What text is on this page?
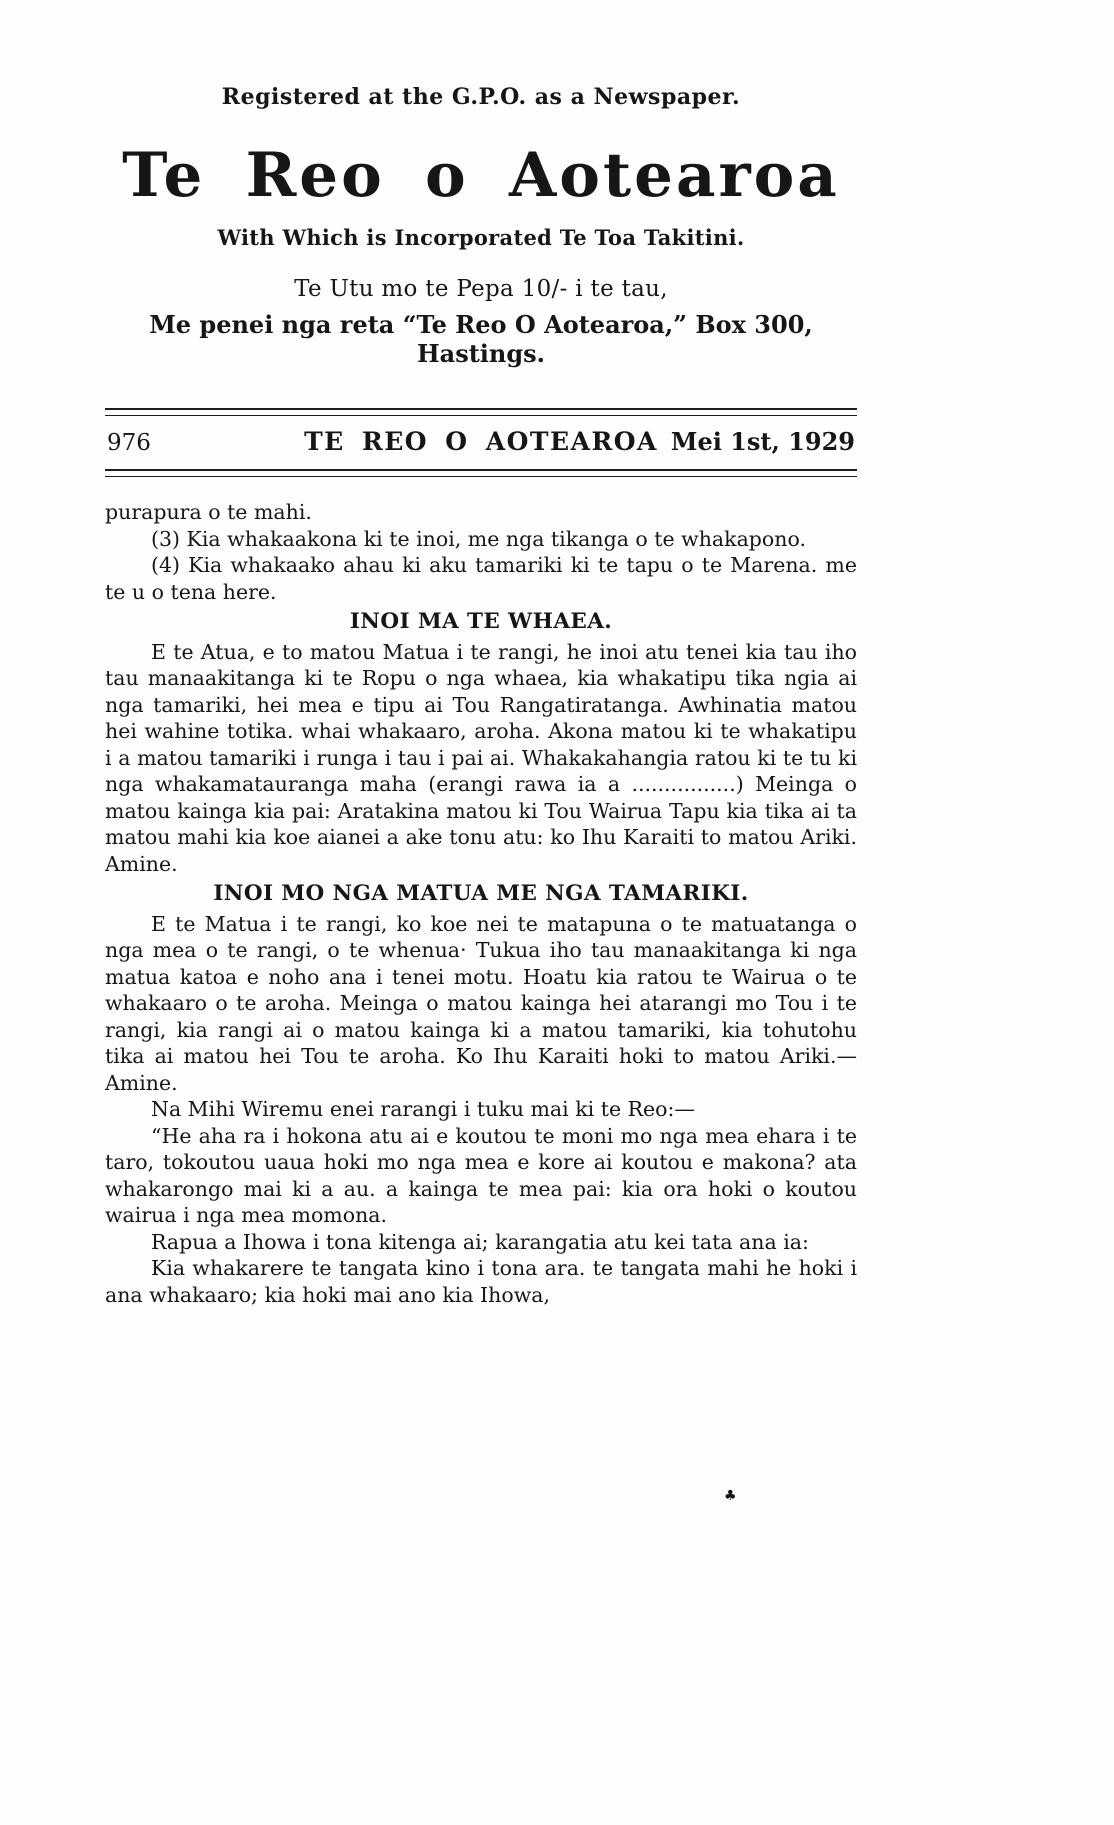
Registered at the G.P.O. as a Newspaper.
Te Reo o Aotearoa
With Which is Incorporated Te Toa Takitini.
Te Utu mo te Pepa 10/- i te tau,
Me penei nga reta “Te Reo O Aotearoa,” Box 300, Hastings.
976	TE REO O AOTEAROA Mei 1st, 1929

purapura o te mahi.

(3) Kia whakaakona ki te inoi, me nga tikanga o te whakapono.

(4) Kia whakaako ahau ki aku tamariki ki te tapu o te Marena. me te u o tena here.

INOI MA TE WHAEA.

E te Atua, e to matou Matua i te rangi, he inoi atu tenei kia tau iho tau manaakitanga ki te Ropu o nga whaea, kia whakatipu tika ngia ai nga tamariki, hei mea e tipu ai Tou Rangatiratanga. Awhinatia matou hei wahine totika. whai whakaaro, aroha. Akona matou ki te whakatipu i a matou tamariki i runga i tau i pai ai. Whakakahangia ratou ki te tu ki nga whakamatauranga maha (erangi rawa ia a ................) Meinga o matou kainga kia pai: Aratakina matou ki Tou Wairua Tapu kia tika ai ta matou mahi kia koe aianei a ake tonu atu: ko Ihu Karaiti to matou Ariki. Amine.

INOI MO NGA MATUA ME NGA TAMARIKI.

E te Matua i te rangi, ko koe nei te matapuna o te matuatanga o nga mea o te rangi, o te whenua· Tukua iho tau manaakitanga ki nga matua katoa e noho ana i tenei motu. Hoatu kia ratou te Wairua o te whakaaro o te aroha. Meinga o matou kainga hei atarangi mo Tou i te rangi, kia rangi ai o matou kainga ki a matou tamariki, kia tohutohu tika ai matou hei Tou te aroha. Ko Ihu Karaiti hoki to matou Ariki.—Amine.

Na Mihi Wiremu enei rarangi i tuku mai ki te Reo:—

“He aha ra i hokona atu ai e koutou te moni mo nga mea ehara i te taro, tokoutou uaua hoki mo nga mea e kore ai koutou e makona? ata whakarongo mai ki a au. a kainga te mea pai: kia ora hoki o koutou wairua i nga mea momona.

Rapua a Ihowa i tona kitenga ai; karangatia atu kei tata ana ia:

Kia whakarere te tangata kino i tona ara. te tangata mahi he hoki i ana whakaaro; kia hoki mai ano kia Ihowa,

♣
